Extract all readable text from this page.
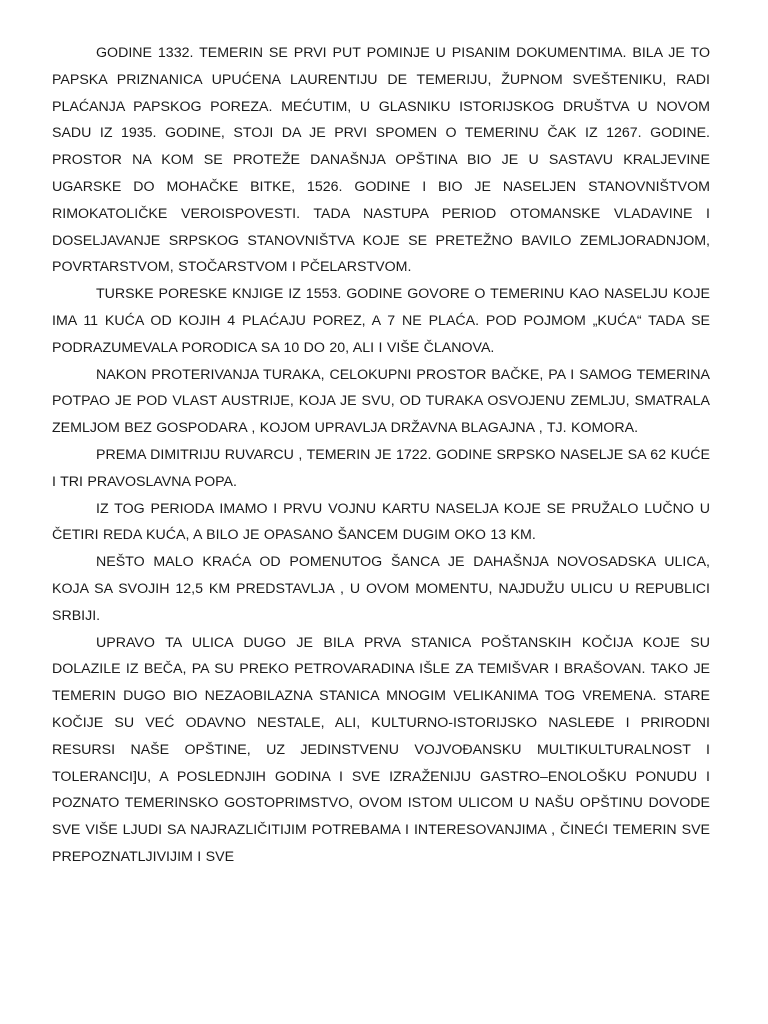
GODINE 1332. TEMERIN SE PRVI PUT POMINJE U PISANIM DOKUMENTIMA. BILA JE TO PAPSKA PRIZNANICA UPUĆENA LAURENTIJU DE TEMERIJU, ŽUPNOM SVEŠTENIKU, RADI PLAĆANJA PAPSKOG POREZA. MEĆUTIM, U GLASNIKU ISTORIJSKOG DRUŠTVA U NOVOM SADU IZ 1935. GODINE, STOJI DA JE PRVI SPOMEN O TEMERINU ČAK IZ 1267. GODINE. PROSTOR NA KOM SE PROTEŽE DANAŠNJA OPŠTINA BIO JE U SASTAVU KRALJEVINE UGARSKE DO MOHAČKE BITKE, 1526. GODINE I BIO JE NASELJEN STANOVNIŠTVOM RIMOKATOLIČKE VEROISPOVESTI. TADA NASTUPA PERIOD OTOMANSKE VLADAVINE I DOSELJAVANJE SRPSKOG STANOVNIŠTVA KOJE SE PRETEŽNO BAVILO ZEMLJORADNJOM, POVRTARSTVOM, STOČARSTVOM I PČELARSTVOM.

TURSKE PORESKE KNJIGE IZ 1553. GODINE GOVORE O TEMERINU KAO NASELJU KOJE IMA 11 KUĆA OD KOJIH 4 PLAĆAJU POREZ, A 7 NE PLAĆA. POD POJMOM „KUĆA“ TADA SE PODRAZUMEVALA PORODICA SA 10 DO 20, ALI I VIŠE ČLANOVA.

NAKON PROTERIVANJA TURAKA, CELOKUPNI PROSTOR BAČKE, PA I SAMOG TEMERINA POTPAO JE POD VLAST AUSTRIJE, KOJA JE SVU, OD TURAKA OSVOJENU ZEMLJU, SMATRALA ZEMLJOM BEZ GOSPODARA , KOJOM UPRAVLJA DRŽAVNA BLAGAJNA , TJ. KOMORA.

PREMA DIMITRIJU RUVARCU , TEMERIN JE 1722. GODINE SRPSKO NASELJE SA 62 KUĆE I TRI PRAVOSLAVNA POPA.

IZ TOG PERIODA IMAMO I PRVU VOJNU KARTU NASELJA KOJE SE PRUŽALO LUČNO U ČETIRI REDA KUĆA, A BILO JE OPASANO ŠANCEM DUGIM OKO 13 KM.

NEŠTO MALO KRAĆA OD POMENUTOG ŠANCA JE DAHAŠNJA NOVOSADSKA ULICA, KOJA SA SVOJIH 12,5 KM PREDSTAVLJA , U OVOM MOMENTU, NAJDUŽU ULICU U REPUBLICI SRBIJI.

UPRAVO TA ULICA DUGO JE BILA PRVA STANICA POŠTANSKIH KOČIJA KOJE SU DOLAZILE IZ BEČA, PA SU PREKO PETROVARADINA IŠLE ZA TEMIŠVAR I BRAŠOVAN. TAKO JE TEMERIN DUGO BIO NEZAOBILAZNA STANICA MNOGIM VELIKANIMA TOG VREMENA. STARE KOČIJE SU VEĆ ODAVNO NESTALE, ALI, KULTURNO-ISTORIJSKO NASLEĐE I PRIRODNI RESURSI NAŠE OPŠTINE, UZ JEDINSTVENU VOJVOĐANSKU MULTIKULTURALNOST I TOLERANCI]U, A POSLEDNJIH GODINA I SVE IZRAŽENIJU GASTRO–ENOLOŠKU PONUDU I POZNATO TEMERINSKO GOSTOPRIMSTVO, OVOM ISTOM ULICOM U NAŠU OPŠTINU DOVODE SVE VIŠE LJUDI SA NAJRAZLIČITIJIM POTREBAMA I INTERESOVANJIMA , ČINEĆI TEMERIN SVE PREPOZNATLJIVIJIM I SVE
